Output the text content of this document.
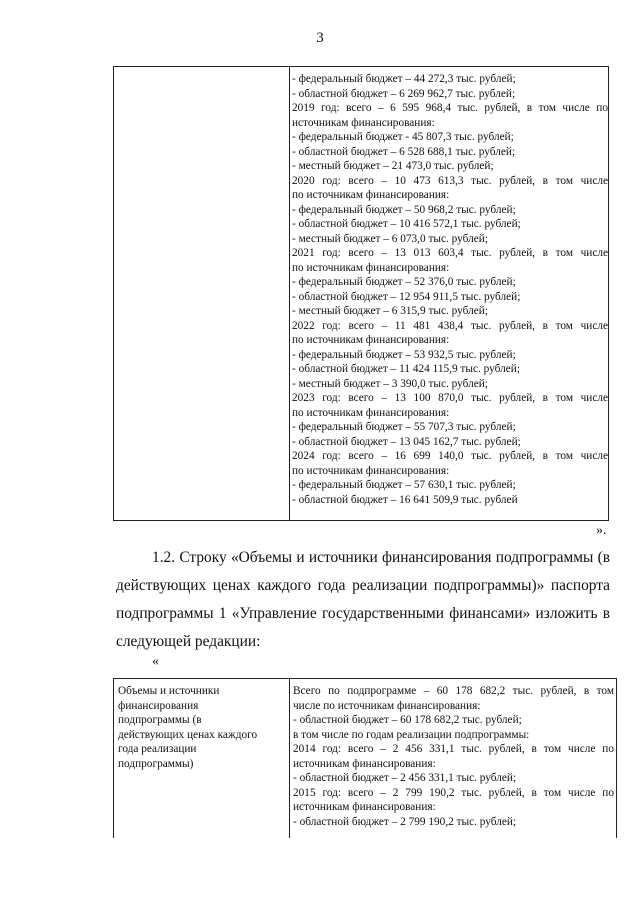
3
- федеральный бюджет – 44 272,3 тыс. рублей;
- областной бюджет – 6 269 962,7 тыс. рублей;
2019 год: всего – 6 595 968,4 тыс. рублей, в том числе по
источникам финансирования:
- федеральный бюджет - 45 807,3 тыс. рублей;
- областной бюджет – 6 528 688,1 тыс. рублей;
- местный бюджет – 21 473,0 тыс. рублей;
2020 год: всего – 10 473 613,3 тыс. рублей, в том числе
по источникам финансирования:
- федеральный бюджет – 50 968,2 тыс. рублей;
- областной бюджет – 10 416 572,1 тыс. рублей;
- местный бюджет – 6 073,0 тыс. рублей;
2021 год: всего – 13 013 603,4 тыс. рублей, в том числе
по источникам финансирования:
- федеральный бюджет – 52 376,0 тыс. рублей;
- областной бюджет – 12 954 911,5 тыс. рублей;
- местный бюджет – 6 315,9 тыс. рублей;
2022 год: всего – 11 481 438,4 тыс. рублей, в том числе
по источникам финансирования:
- федеральный бюджет – 53 932,5 тыс. рублей;
- областной бюджет – 11 424 115,9 тыс. рублей;
- местный бюджет – 3 390,0 тыс. рублей;
2023 год: всего – 13 100 870,0 тыс. рублей, в том числе
по источникам финансирования:
- федеральный бюджет – 55 707,3 тыс. рублей;
- областной бюджет – 13 045 162,7 тыс. рублей;
2024 год: всего – 16 699 140,0 тыс. рублей, в том числе
по источникам финансирования:
- федеральный бюджет – 57 630,1 тыс. рублей;
- областной бюджет – 16 641 509,9 тыс. рублей
».
1.2. Строку «Объемы и источники финансирования подпрограммы (в
действующих ценах каждого года реализации подпрограммы)» паспорта
подпрограммы 1 «Управление государственными финансами» изложить в
следующей редакции:
«
Объемы и источники
финансирования
подпрограммы (в
действующих ценах каждого
года реализации
подпрограммы)
Всего по подпрограмме – 60 178 682,2 тыс. рублей, в том
числе по источникам финансирования:
- областной бюджет – 60 178 682,2 тыс. рублей;
в том числе по годам реализации подпрограммы:
2014 год: всего – 2 456 331,1 тыс. рублей, в том числе по
источникам финансирования:
- областной бюджет – 2 456 331,1 тыс. рублей;
2015 год: всего – 2 799 190,2 тыс. рублей, в том числе по
источникам финансирования:
- областной бюджет – 2 799 190,2 тыс. рублей;
